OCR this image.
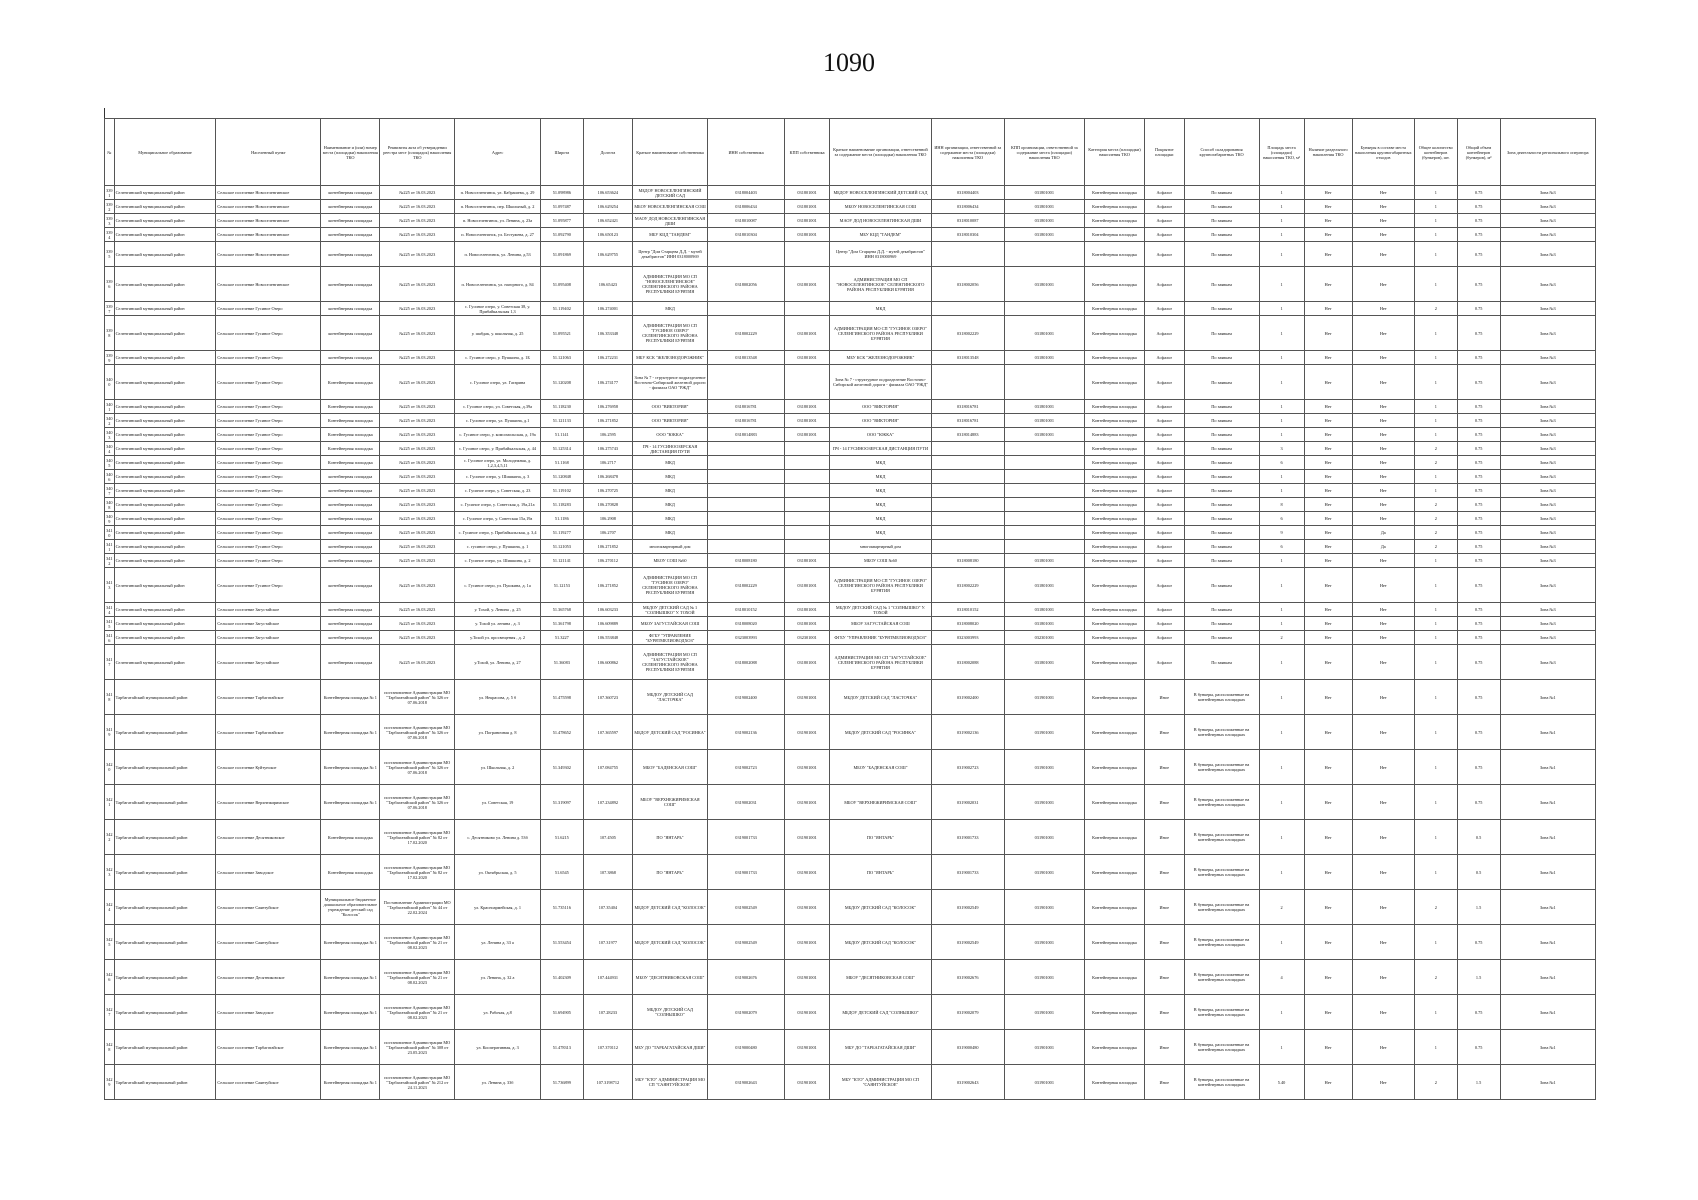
1090
№	Муниципальное образование	Населенный пункт	Наименование и (или) номер места (площадки) накопления ТКО	Реквизиты акта об утверждении реестра мест (площадок) накопления ТКО	Адрес	Широта	Долгота	Краткое наименование собственника	ИНН собственника	КПП собственника	Краткое наименование организации, ответственной за содержание места (площадки) накопления ТКО	ИНН организации, ответственной за содержание места (площадки) накопления ТКО	КПП организации, ответственной за содержание места (площадки) накопления ТКО	Категория места (площадки) накопления ТКО	Покрытие площадки	Способ складирования крупногабаритных ТКО	Площадь места (площадки) накопления ТКО, м²	Наличие раздельного накопления ТКО	Бункеры в составе места накопления крупногабаритных отходов	Общее количество контейнеров (бункеров), шт.	Общий объем контейнеров (бункеров), м³	Зона деятельности регионального оператора
3391	Селенгинский муниципальный район	Сельское поселение Новоселенгинское	контейнерная площадка	№225 от 16.03.2023	п. Новоселенгинск, ул. Кабрашева, д. 29	51.098986	106.653624	МБДОУ НОВОСЕЛЕНГИНСКИЙ ДЕТСКИЙ САД	0318004403	031801001	МБДОУ НОВОСЕЛЕНГИНСКИЙ ДЕТСКИЙ САД	0318004403	031801001	Контейнерная площадка	Асфальт	По заявкам	1	Нет	Нет	1	0.75	Зона №3
3392	Селенгинский муниципальный район	Сельское поселение Новоселенгинское	контейнерная площадка	№225 от 16.03.2023	п. Новоселенгинск, пер. Школьный, д. 2	51.097487	106.629254	МБОУ НОВОСЕЛЕНГИНСКАЯ СОШ	0318006434	031801001	МБОУ НОВОСЕЛЕНГИНСКАЯ СОШ	0318006434	031801001	Контейнерная площадка	Асфальт	По заявкам	1	Нет	Нет	1	0.75	Зона №3
3393	Селенгинский муниципальный район	Сельское поселение Новоселенгинское	контейнерная площадка	№225 от 16.03.2023	п. Новоселенгинск, ул. Ленина, д. 23а	51.095877	106.652421	МАОУ ДОД НОВОСЕЛЕНГИНСКАЯ ДШИ	0318010087	031801001	МАОУ ДОД НОВОСЕЛЕНГИНСКАЯ ДШИ	0318010087	031801001	Контейнерная площадка	Асфальт	По заявкам	1	Нет	Нет	1	0.75	Зона №3
3394	Селенгинский муниципальный район	Сельское поселение Новоселенгинское	контейнерная площадка	№225 от 16.03.2023	п. Новоселенгинск, ул. Бестужева, д. 27	51.092790	106.650123	МБУ КЦД "ТАНДЕМ"	0318010304	031801001	МБУ КЦД "ТАНДЕМ"	0318010304	031801001	Контейнерная площадка	Асфальт	По заявкам	1	Нет	Нет	1	0.75	Зона №3
3395	Селенгинский муниципальный район	Сельское поселение Новоселенгинское	контейнерная площадка	№225 от 16.03.2023	п. Новоселенгинск, ул. Ленина, д.53	51.091869	106.629755	Центр "Дом Старцева Д.Д. - музей декабристов" ИНН 0318000969			Центр "Дом Старцева Д.Д. - музей декабристов" ИНН 0318000969			Контейнерная площадка	Асфальт	По заявкам	1	Нет	Нет	1	0.75	Зона №3
3396	Селенгинский муниципальный район	Сельское поселение Новоселенгинское	контейнерная площадка	№225 от 16.03.2023	п. Новоселенгинск, ул. нагорного, д. 84	51.095408	106.65423	АДМИНИСТРАЦИЯ МО СП "НОВОСЕЛЕНГИНСКОЕ" СЕЛЕНГИНСКОГО РАЙОНА РЕСПУБЛИКИ БУРЯТИЯ	0318002056	031801001	АДМИНИСТРАЦИЯ МО СП "НОВОСЕЛЕНГИНСКОЕ" СЕЛЕНГИНСКОГО РАЙОНА РЕСПУБЛИКИ БУРЯТИЯ	0318002056	031801001	Контейнерная площадка	Асфальт	По заявкам	1	Нет	Нет	1	0.75	Зона №3
3397	Селенгинский муниципальный район	Сельское поселение Гусиное Озеро	контейнерная площадка	№225 от 16.03.2023	с. Гусиное озеро, у. Советская 38, у. Прибайкальская 1,3	51.119402	106.274001	МКД			МКД			Контейнерная площадка	Асфальт	По заявкам	1	Нет	Нет	2	0.75	Зона №3
3398	Селенгинский муниципальный район	Сельское поселение Гусиное Озеро	контейнерная площадка	№225 от 16.03.2023	у. шабдак, у. школьная, д. 25	51.095521	106.353348	АДМИНИСТРАЦИЯ МО СП "ГУСИНОЕ ОЗЕРО" СЕЛЕНГИНСКОГО РАЙОНА РЕСПУБЛИКИ БУРЯТИЯ	0318002229	031801001	АДМИНИСТРАЦИЯ МО СП "ГУСИНОЕ ОЗЕРО" СЕЛЕНГИНСКОГО РАЙОНА РЕСПУБЛИКИ БУРЯТИЯ	0318002229	031801001	Контейнерная площадка	Асфальт	По заявкам	1	Нет	Нет	1	0.75	Зона №3
3399	Селенгинский муниципальный район	Сельское поселение Гусиное Озеро	контейнерная площадка	№225 от 16.03.2023	с. Гусиное озеро, у. Пушкина, д. 1Б	51.121063	106.272231	МБУ КСК "ЖЕЛЕЗНОДОРОЖНИК"	0318013548	031801001	МБУ КСК "ЖЕЛЕЗНОДОРОЖНИК"	0318013548	031801001	Контейнерная площадка	Асфальт	По заявкам	1	Нет	Нет	1	0.75	Зона №3
3400	Селенгинский муниципальный район	Сельское поселение Гусиное Озеро	Контейнерная площадка	№225 от 16.03.2023	с. Гусиное озеро, ул. Гагарина	51.120208	106.274177	Зона № 7 - структурное подразделение Восточно-Сибирской железной дороги - филиала ОАО "РЖД"			Зона № 7 - структурное подразделение Восточно-Сибирской железной дороги - филиала ОАО "РЖД"			Контейнерная площадка	Асфальт	По заявкам	1	Нет	Нет	1	0.75	Зона №3
3401	Селенгинский муниципальный район	Сельское поселение Гусиное Озеро	Контейнерная площадка	№225 от 16.03.2023	с. Гусиное озеро, ул. Советская, д.39а	51.118230	106.276958	ООО "ВИКТОРИЯ"	0318016781	031801001	ООО "ВИКТОРИЯ"	0318016781	031801001	Контейнерная площадка	Асфальт	По заявкам	1	Нет	Нет	1	0.75	Зона №3
3402	Селенгинский муниципальный район	Сельское поселение Гусиное Озеро	Контейнерная площадка	№225 от 16.03.2023	с. Гусиное озеро, ул. Пушкина, д.1	51.121133	106.271852	ООО "ВИКТОРИЯ"	0318016781	031801001	ООО "ВИКТОРИЯ"	0318016781	031801001	Контейнерная площадка	Асфальт	По заявкам	1	Нет	Нет	1	0.75	Зона №3
3403	Селенгинский муниципальный район	Сельское поселение Гусиное Озеро	Контейнерная площадка	№225 от 16.03.2023	с. Гусиное озеро, у. комсомольская, д. 19а	51.1141	106.2595	ООО "ЮККА"	0318014883	031801001	ООО "ЮККА"	0318014883	031801001	Контейнерная площадка	Асфальт	По заявкам	1	Нет	Нет	1	0.75	Зона №3
3404	Селенгинский муниципальный район	Сельское поселение Гусиное Озеро	Контейнерная площадка	№225 от 16.03.2023	с. Гусиное озеро, у. Прибайкальская, д. 44	51.125314	106.275743	ПЧ - 14 ГУСИНООЗЕРСКАЯ ДИСТАНЦИЯ ПУТИ			ПЧ - 14 ГУСИНООЗЕРСКАЯ ДИСТАНЦИЯ ПУТИ			Контейнерная площадка	Асфальт	По заявкам	3	Нет	Нет	2	0.75	Зона №3
3405	Селенгинский муниципальный район	Сельское поселение Гусиное Озеро	Контейнерная площадка	№225 от 16.03.2023	с. Гусиное озеро, ул. Молодежная, д. 1,2,3,4,5,11	51.1168	106.2717	МКД			МКД			Контейнерная площадка	Асфальт	По заявкам	6	Нет	Нет	2	0.75	Зона №3
3406	Селенгинский муниципальный район	Сельское поселение Гусиное Озеро	контейнерная площадка	№225 от 16.03.2023	с. Гусиное озеро, у. Шишкина, д. 3	51.120848	106.268478	МКД			МКД			Контейнерная площадка	Асфальт	По заявкам	1	Нет	Нет	1	0.75	Зона №3
3407	Селенгинский муниципальный район	Сельское поселение Гусиное Озеро	контейнерная площадка	№225 от 16.03.2023	с. Гусиное озеро, у. Советская, д. 23	51.119102	106.270725	МКД			МКД			Контейнерная площадка	Асфальт	По заявкам	1	Нет	Нет	1	0.75	Зона №3
3408	Селенгинский муниципальный район	Сельское поселение Гусиное Озеро	контейнерная площадка	№225 от 16.03.2023	с. Гусиное озеро, у. Советская д. 19а,21а	51.118283	106.270828	МКД			МКД			Контейнерная площадка	Асфальт	По заявкам	8	Нет	Нет	2	0.75	Зона №3
3409	Селенгинский муниципальный район	Сельское поселение Гусиное Озеро	контейнерная площадка	№225 от 16.03.2023	с. Гусиное озеро, у. Советская 15а,19а	51.1186	106.2908	МКД			МКД			Контейнерная площадка	Асфальт	По заявкам	6	Нет	Нет	2	0.75	Зона №3
3410	Селенгинский муниципальный район	Сельское поселение Гусиное Озеро	контейнерная площадка	№225 от 16.03.2023	с. Гусиное озеро, у. Прибайкальская, д. 3,4	51.119277	106.2707	МКД			МКД			Контейнерная площадка	Асфальт	По заявкам	9	Нет	Да	2	0.75	Зона №3
3411	Селенгинский муниципальный район	Сельское поселение Гусиное Озеро	контейнерная площадка	№225 от 16.03.2023	с. гусиное озеро, у. Пушкина, д. 1	51.121053	106.271852	многоквартирный дом			многоквартирный дом			Контейнерная площадка	Асфальт	По заявкам	6	Нет	Да	2	0.75	Зона №3
3412	Селенгинский муниципальный район	Сельское поселение Гусиное Озеро	контейнерная площадка	№225 от 16.03.2023	с. Гусиное озеро, ул. Шишкина, д. 2	51.121141	106.270112	МБОУ СОШ №60	0318008180	031801001	МБОУ СОШ №60	0318008180	031801001	Контейнерная площадка	Асфальт	По заявкам	1	Нет	Нет	1	0.75	Зона №3
3413	Селенгинский муниципальный район	Сельское поселение Гусиное Озеро	контейнерная площадка	№225 от 16.03.2023	с. Гусиное озеро, ул. Пушкина, д. 1а	51.12153	106.271852	АДМИНИСТРАЦИЯ МО СП "ГУСИНОЕ ОЗЕРО" СЕЛЕНГИНСКОГО РАЙОНА РЕСПУБЛИКИ БУРЯТИЯ	0318002229	031801001	АДМИНИСТРАЦИЯ МО СП "ГУСИНОЕ ОЗЕРО" СЕЛЕНГИНСКОГО РАЙОНА РЕСПУБЛИКИ БУРЯТИЯ	0318002229	031801001	Контейнерная площадка	Асфальт	По заявкам	1	Нет	Нет	1	0.75	Зона №3
3414	Селенгинский муниципальный район	Сельское поселение Загустайское	контейнерная площадка	№225 от 16.03.2023	у. Тохой, у. Ленина , д. 25	51.365768	106.603233	МБДОУ ДЕТСКИЙ САД № 1 "СОЛНЫШКО" У. ТОХОЙ	0318010152	031801001	МБДОУ ДЕТСКИЙ САД № 1 "СОЛНЫШКО" У. ТОХОЙ	0318010152	031801001	Контейнерная площадка	Асфальт	По заявкам	1	Нет	Нет	1	0.75	Зона №3
3415	Селенгинский муниципальный район	Сельское поселение Загустайское	контейнерная площадка	№225 от 16.03.2023	у. Тохой ул. ленина , д. 3	51.361798	106.609889	МБОУ ЗАГУСТАЙСКАЯ СОШ	0318008020	031801001	МБОУ ЗАГУСТАЙСКАЯ СОШ	0318008020	031801001	Контейнерная площадка	Асфальт	По заявкам	1	Нет	Нет	1	0.75	Зона №3
3416	Селенгинский муниципальный район	Сельское поселение Загустайское	контейнерная площадка	№225 от 16.03.2023	у.Тохой ул. просвещения , д. 2	51.3227	106.553848	ФГБУ "УПРАВЛЕНИЕ "БУРЯТМЕЛИОВОДХОЗ"	0323003993	032301001	ФГБУ "УПРАВЛЕНИЕ "БУРЯТМЕЛИОВОДХОЗ"	0323003993	032301001	Контейнерная площадка	Асфальт	По заявкам	2	Нет	Нет	1	0.75	Зона №3
3417	Селенгинский муниципальный район	Сельское поселение Загустайское	контейнерная площадка	№225 от 16.03.2023	у.Тохой, ул. Ленина, д. 27	51.36083	106.600862	АДМИНИСТРАЦИЯ МО СП "ЗАГУСТАЙСКОЕ" СЕЛЕНГИНСКОГО РАЙОНА РЕСПУБЛИКИ БУРЯТИЯ	0318002088	031801001	АДМИНИСТРАЦИЯ МО СП "ЗАГУСТАЙСКОЕ" СЕЛЕНГИНСКОГО РАЙОНА РЕСПУБЛИКИ БУРЯТИЯ	0318002088	031801001	Контейнерная площадка	Асфальт	По заявкам	1	Нет	Нет	1	0.75	Зона №3
3418	Тарбагатайский муниципальный район	Сельское поселение Тарбагатайское	Контейнерная площадка № 1	постановление Администрации МО "Тарбагатайский район" № 326 от 07.06.2018	ул. Некрасова, д. 5 б	51.475598	107.360723	МБДОУ ДЕТСКИЙ САД "ЛАСТОЧКА"	0319002400	031901001	МБДОУ ДЕТСКИЙ САД "ЛАСТОЧКА"	0319002400	031901001	Контейнерная площадка	Иное	В бункеры, расположенные на контейнерных площадках	1	Нет	Нет	1	0.75	Зона №1
3419	Тарбагатайский муниципальный район	Сельское поселение Тарбагатайское	Контейнерная площадка № 1	постановление Администрации МО "Тарбагатайский район" № 326 от 07.06.2018	ул. Пограничная д. 8	51.478652	107.365597	МБДОУ ДЕТСКИЙ САД "РОСИНКА"	0319002136	031901001	МБДОУ ДЕТСКИЙ САД "РОСИНКА"	0319002136	031901001	Контейнерная площадка	Иное	В бункеры, расположенные на контейнерных площадках	1	Нет	Нет	1	0.75	Зона №1
3420	Тарбагатайский муниципальный район	Сельское поселение Куйтунское	Контейнерная площадка № 1	постановление Администрации МО "Тарбагатайский район" № 326 от 07.06.2018	ул. Школьная, д. 2	51.349302	107.084755	МБОУ "БАДЕНСКАЯ СОШ"	0319002723	031901001	МБОУ "БАДЕНСКАЯ СОШ"	0319002723	031901001	Контейнерная площадка	Иное	В бункеры, расположенные на контейнерных площадках	1	Нет	Нет	1	0.75	Зона №1
3421	Тарбагатайский муниципальный район	Сельское поселение Верхнежиримское	Контейнерная площадка № 1	постановление Администрации МО "Тарбагатайский район" № 326 от 07.06.2018	ул. Советская, 19	51.319097	107.234892	МБОУ "ВЕРХНЕЖИРИМСКАЯ СОШ"	0319002031	031901001	МБОУ "ВЕРХНЕЖИРИМСКАЯ СОШ"	0319002031	031901001	Контейнерная площадка	Иное	В бункеры, расположенные на контейнерных площадках	1	Нет	Нет	1	0.75	Зона №1
3422	Тарбагатайский муниципальный район	Сельское поселение Десятниковское	Контейнерная площадка	постановление Администрации МО "Тарбагатайский район" № 82 от 17.02.2020	с. Десятниково ул. Ленина д. 53б	51.6215	107.4505	ПО "ЯНТАРЬ"	0319001733	031901001	ПО "ЯНТАРЬ"	0319001733	031901001	Контейнерная площадка	Иное	В бункеры, расположенные на контейнерных площадках	1	Нет	Нет	1	0.5	Зона №1
3423	Тарбагатайский муниципальный район	Сельское поселение Заводское	Контейнерная площадка	постановление Администрации МО "Тарбагатайский район" № 82 от 17.02.2020	ул. Октябрьская, д. 5	51.6545	107.3868	ПО "ЯНТАРЬ"	0319001733	031901001	ПО "ЯНТАРЬ"	0319001733	031901001	Контейнерная площадка	Иное	В бункеры, расположенные на контейнерных площадках	1	Нет	Нет	1	0.5	Зона №1
3424	Тарбагатайский муниципальный район	Сельское поселение Саянтуйское	Муниципальное бюджетное дошкольное образовательное учреждение детский сад "Колосок"	Постановление Администрации МО "Тарбагатайский район" № 44 от 22.02.2024	ул. Красноармейская, д. 1	51.735116	107.35404	МБДОУ ДЕТСКИЙ САД "КОЛОСОК"	0319002549	031901001	МБДОУ ДЕТСКИЙ САД "КОЛОСОК"	0319002549	031901001	Контейнерная площадка	Иное	В бункеры, расположенные на контейнерных площадках	2	Нет	Нет	2	1.5	Зона №1
3425	Тарбагатайский муниципальный район	Сельское поселение Саянтуйское	Контейнерная площадка № 1	постановление Администрации МО "Тарбагатайский район" № 21 от 08.02.2023	ул. Ленина д. 33 а	51.553454	107.31977	МБДОУ ДЕТСКИЙ САД "КОЛОСОК"	0319002549	031901001	МБДОУ ДЕТСКИЙ САД "КОЛОСОК"	0319002549	031901001	Контейнерная площадка	Иное	В бункеры, расположенные на контейнерных площадках	1	Нет	Нет	1	0.75	Зона №1
3426	Тарбагатайский муниципальный район	Сельское поселение Десятниковское	Контейнерная площадка № 1	постановление Администрации МО "Тарбагатайский район" № 21 от 08.02.2023	ул. Ленина, д. 32 а	51.402309	107.444931	МБОУ "ДЕСЯТНИКОВСКАЯ СОШ"	0319002676	031901001	МБОУ "ДЕСЯТНИКОВСКАЯ СОШ"	0319002676	031901001	Контейнерная площадка	Иное	В бункеры, расположенные на контейнерных площадках	4	Нет	Нет	2	1.5	Зона №1
3427	Тарбагатайский муниципальный район	Сельское поселение Заводское	Контейнерная площадка № 1	постановление Администрации МО "Тарбагатайский район" № 21 от 08.02.2023	ул. Рабочая, д.8	51.694905	107.28233	МБДОУ ДЕТСКИЙ САД "СОЛНЫШКО"	0319002079	031901001	МБДОУ ДЕТСКИЙ САД "СОЛНЫШКО"	0319002079	031901001	Контейнерная площадка	Иное	В бункеры, расположенные на контейнерных площадках	1	Нет	Нет	1	0.75	Зона №1
3428	Тарбагатайский муниципальный район	Сельское поселение Тарбагатайское	Контейнерная площадка № 1	постановление Администрации МО "Тарбагатайский район" № 308 от 23.05.2023	ул. Кооперативная, д. 3	51.478313	107.370112	МБУ ДО "ТАРБАГАТАЙСКАЯ ДШИ"	0319000480	031901001	МБУ ДО "ТАРБАГАТАЙСКАЯ ДШИ"	0319000480	031901001	Контейнерная площадка	Иное	В бункеры, расположенные на контейнерных площадках	1	Нет	Нет	1	0.75	Зона №1
3429	Тарбагатайский муниципальный район	Сельское поселение Саянтуйское	Контейнерная площадка № 1	постановление Администрации МО "Тарбагатайский район" № 212 от 24.11.2023	ул. Ленина д. 33б	51.736899	107.3198712	МБУ "КТО" АДМИНИСТРАЦИЯ МО СП "САЯНТУЙСКОЕ"	0319002643	031901001	МБУ "КТО" АДМИНИСТРАЦИЯ МО СП "САЯНТУЙСКОЕ"	0319002643	031901001	Контейнерная площадка	Иное	В бункеры, расположенные на контейнерных площадках	5.40	Нет	Нет	2	1.5	Зона №1
